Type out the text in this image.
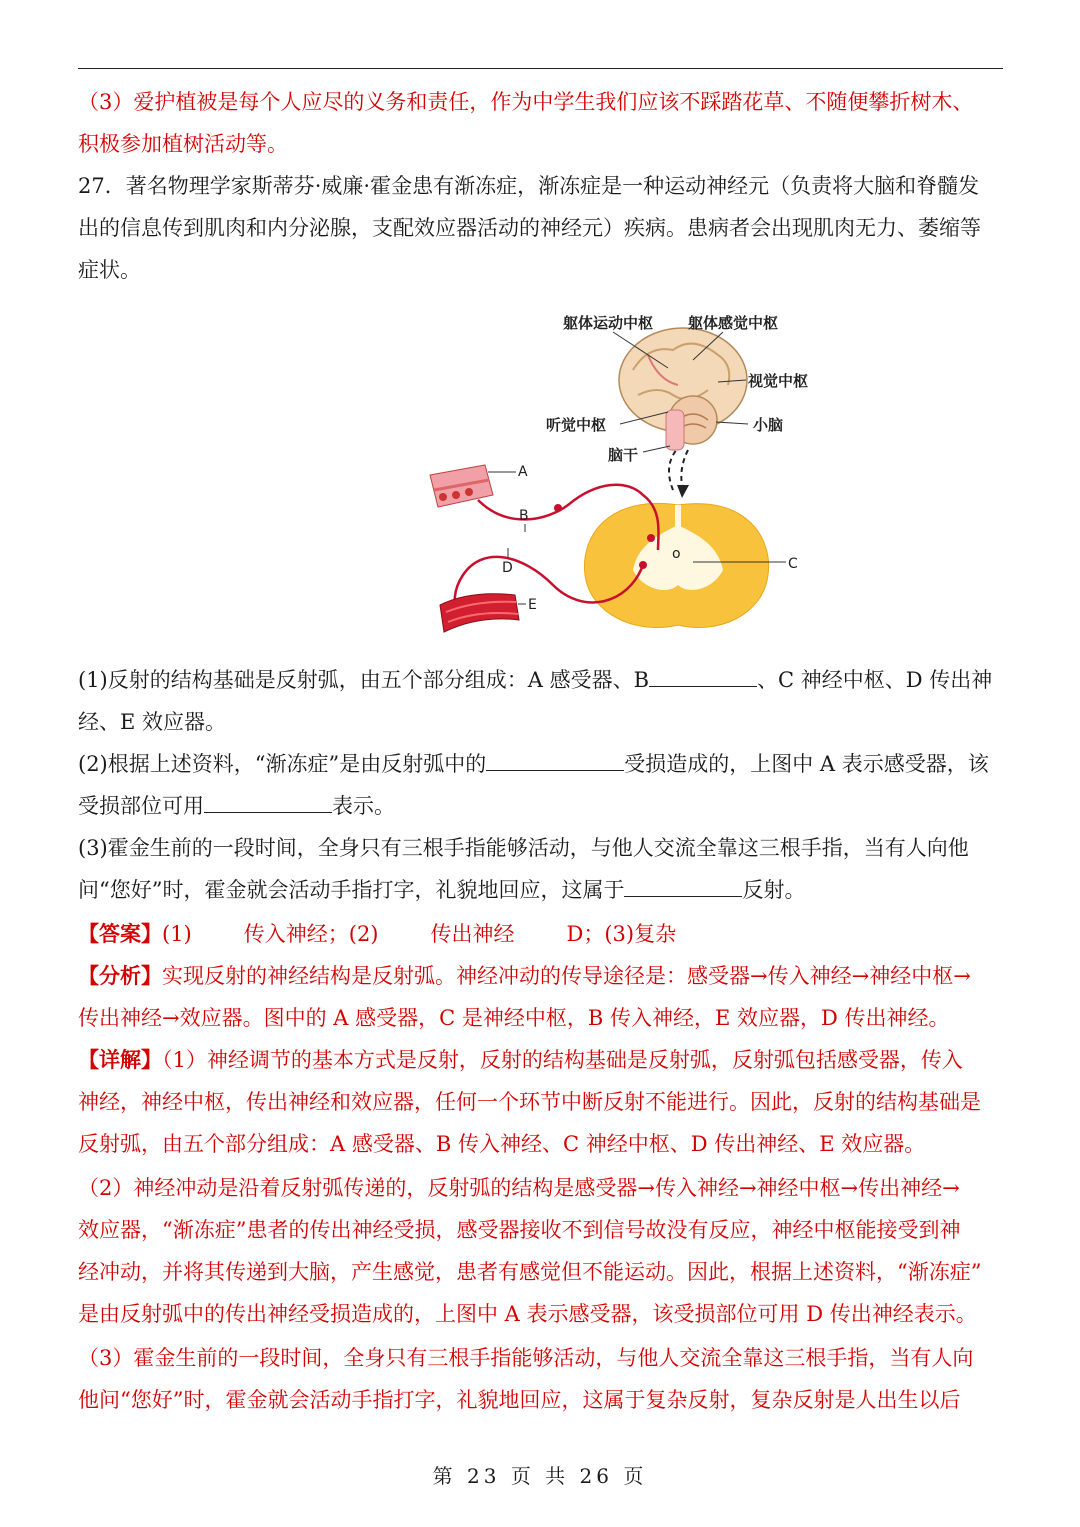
（3）爱护植被是每个人应尽的义务和责任，作为中学生我们应该不踩踏花草、不随便攀折树木、
积极参加植树活动等。
27．著名物理学家斯蒂芬·威廉·霍金患有渐冻症，渐冻症是一种运动神经元（负责将大脑和脊髓发
出的信息传到肌肉和内分泌腺，支配效应器活动的神经元）疾病。患病者会出现肌肉无力、萎缩等
症状。
躯体运动中枢 躯体感觉中枢
视觉中枢
听觉中枢	小脑
脑干
o
A
B
D
E
C
(1)反射的结构基础是反射弧，由五个部分组成：A 感受器、B	、C 神经中枢、D 传出神
经、E 效应器。
(2)根据上述资料，“渐冻症”是由反射弧中的	受损造成的，上图中 A 表示感受器，该
受损部位可用	表示。
(3)霍金生前的一段时间，全身只有三根手指能够活动，与他人交流全靠这三根手指，当有人向他
问“您好”时，霍金就会活动手指打字，礼貌地回应，这属于	反射。
【答案】(1) 传入神经；(2) 传出神经 D；(3)复杂
【分析】实现反射的神经结构是反射弧。神经冲动的传导途径是：感受器→传入神经→神经中枢→
传出神经→效应器。图中的 A 感受器，C 是神经中枢，B 传入神经，E 效应器，D 传出神经。
【详解】（1）神经调节的基本方式是反射，反射的结构基础是反射弧，反射弧包括感受器，传入
神经，神经中枢，传出神经和效应器，任何一个环节中断反射不能进行。因此，反射的结构基础是
反射弧，由五个部分组成：A 感受器、B 传入神经、C 神经中枢、D 传出神经、E 效应器。
（2）神经冲动是沿着反射弧传递的，反射弧的结构是感受器→传入神经→神经中枢→传出神经→
效应器，“渐冻症”患者的传出神经受损，感受器接收不到信号故没有反应，神经中枢能接受到神
经冲动，并将其传递到大脑，产生感觉，患者有感觉但不能运动。因此，根据上述资料，“渐冻症”
是由反射弧中的传出神经受损造成的，上图中 A 表示感受器，该受损部位可用 D 传出神经表示。
（3）霍金生前的一段时间，全身只有三根手指能够活动，与他人交流全靠这三根手指，当有人向
他问“您好”时，霍金就会活动手指打字，礼貌地回应，这属于复杂反射，复杂反射是人出生以后
第 23 页 共 26 页
